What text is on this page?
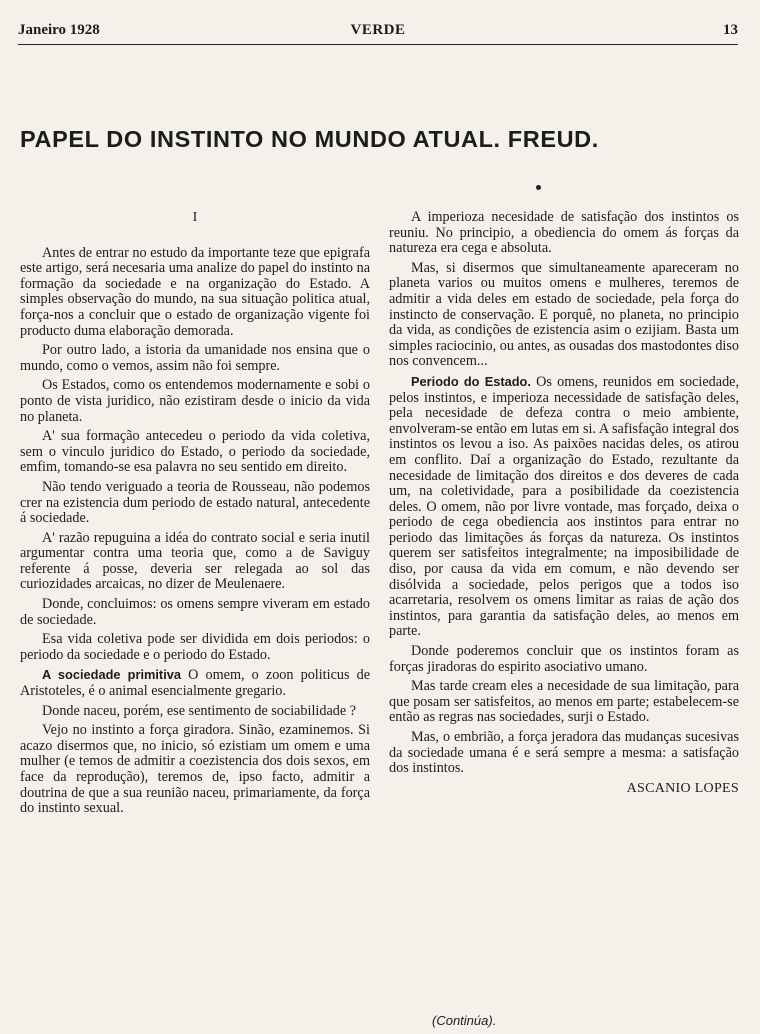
Janeiro 1928	VERDE	13
PAPEL DO INSTINTO NO MUNDO ATUAL. FREUD.
I

Antes de entrar no estudo da importante teze que epigrafa este artigo, será necesaria uma analize do papel do instinto na formação da sociedade e na organização do Estado. A simples observação do mundo, na sua situação politica atual, força-nos a concluir que o estado de organização vigente foi producto duma elaboração demorada.

Por outro lado, a istoria da umanidade nos ensina que o mundo, como o vemos, assim não foi sempre.

Os Estados, como os entendemos modernamente e sobi o ponto de vista juridico, não ezistiram desde o inicio da vida no planeta.

A' sua formação antecedeu o periodo da vida coletiva, sem o vinculo juridico do Estado, o periodo da sociedade, emfim, tomando-se esa palavra no seu sentido em direito.

Não tendo veriguado a teoria de Rousseau, não podemos crer na ezistencia dum periodo de estado natural, antecedente á sociedade.

A' razão repuguina a idéa do contrato social e seria inutil argumentar contra uma teoria que, como a de Saviguy referente á posse, deveria ser relegada ao sol das curiozidades arcaicas, no dizer de Meulenaere.

Donde, concluimos: os omens sempre viveram em estado de sociedade.

Esa vida coletiva pode ser dividida em dois periodos: o periodo da sociedade e o periodo do Estado.

A sociedade primitiva O omem, o zoon politicus de Aristoteles, é o animal esencialmente gregario.

Donde naceu, porém, ese sentimento de sociabilidade ?

Vejo no instinto a força giradora. Sinão, ezaminemos. Si acazo disermos que, no inicio, só ezistiam um omem e uma mulher (e temos de admitir a coezistencia dos dois sexos, em face da reprodução), teremos de, ipso facto, admitir a doutrina de que a sua reunião naceu, primariamente, da força do instinto sexual.

A imperioza necesidade de satisfação dos instintos os reuniu. No principio, a obediencia do omem ás forças da natureza era cega e absoluta.

Mas, si disermos que simultaneamente apareceram no planeta varios ou muitos omens e mulheres, teremos de admitir a vida deles em estado de sociedade, pela força do instincto de conservação. E porquê, no planeta, no principio da vida, as condições de ezistencia asim o ezijiam. Basta um simples raciocinio, ou antes, as ousadas dos mastodontes diso nos convencem...

Periodo do Estado. Os omens, reunidos em sociedade, pelos instintos, e imperioza necessidade de satisfação deles, pela necesidade de defeza contra o meio ambiente, envolveram-se então em lutas em si. A safisfação integral dos instintos os levou a iso. As paixões nacidas deles, os atirou em conflito. Daí a organização do Estado, rezultante da necesidade de limitação dos direitos e dos deveres de cada um, na coletividade, para a posibilidade da coezistencia deles. O omem, não por livre vontade, mas forçado, deixa o periodo de cega obediencia aos instintos para entrar no periodo das limitações ás forças da natureza. Os instintos querem ser satisfeitos integralmente; na imposibilidade de diso, por causa da vida em comum, e não devendo ser disólvida a sociedade, pelos perigos que a todos iso acarretaria, resolvem os omens limitar as raias de ação dos instintos, para garantia da satisfação deles, ao menos em parte.

Donde poderemos concluir que os instintos foram as forças jiradoras do espirito asociativo umano.

Mas tarde cream eles a necesidade de sua limitação, para que posam ser satisfeitos, ao menos em parte; estabelecem-se então as regras nas sociedades, surji o Estado.

Mas, o embrião, a força jeradora das mudanças sucesivas da sociedade umana é e será sempre a mesma: a satisfação dos instintos.

ASCANIO LOPES

(Continúa).
